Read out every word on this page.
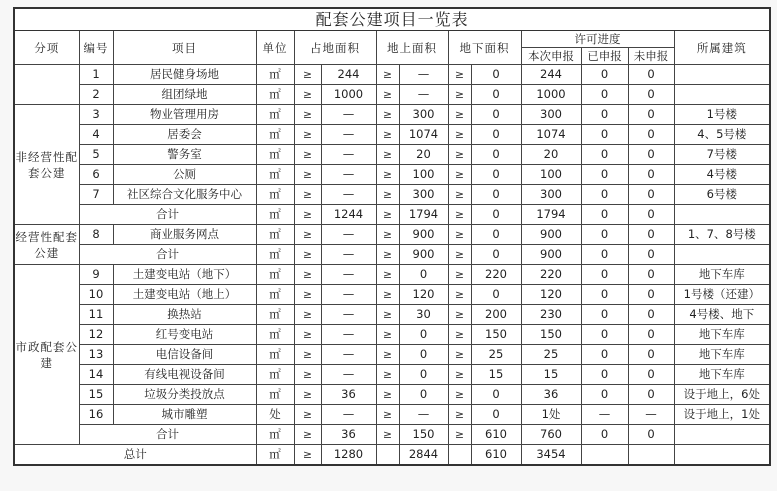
配套公建项目一览表													
分项	编号	项目	单位	占地面积		地上面积		地下面积		许可进度			所属建筑
										本次申报	已申报	未申报	
	1	居民健身场地	㎡	≥	244	≥	—	≥	0	244	0	0	
	2	组团绿地	㎡	≥	1000	≥	—	≥	0	1000	0	0	
非经营性配套公建	3	物业管理用房	㎡	≥	—	≥	300	≥	0	300	0	0	1号楼
	4	居委会	㎡	≥	—	≥	1074	≥	0	1074	0	0	4、5号楼
	5	警务室	㎡	≥	—	≥	20	≥	0	20	0	0	7号楼
	6	公厕	㎡	≥	—	≥	100	≥	0	100	0	0	4号楼
	7	社区综合文化服务中心	㎡	≥	—	≥	300	≥	0	300	0	0	6号楼
	合计		㎡	≥	1244	≥	1794	≥	0	1794	0	0	
经营性配套公建	8	商业服务网点	㎡	≥	—	≥	900	≥	0	900	0	0	1、7、8号楼
	合计		㎡	≥	—	≥	900	≥	0	900	0	0	
市政配套公建	9	土建变电站（地下）	㎡	≥	—	≥	0	≥	220	220	0	0	地下车库
	10	土建变电站（地上）	㎡	≥	—	≥	120	≥	0	120	0	0	1号楼（还建）
	11	换热站	㎡	≥	—	≥	30	≥	200	230	0	0	4号楼、地下
	12	红号变电站	㎡	≥	—	≥	0	≥	150	150	0	0	地下车库
	13	电信设备间	㎡	≥	—	≥	0	≥	25	25	0	0	地下车库
	14	有线电视设备间	㎡	≥	—	≥	0	≥	15	15	0	0	地下车库
	15	垃圾分类投放点	㎡	≥	36	≥	0	≥	0	36	0	0	设于地上，6处
	16	城市雕塑	处	≥	—	≥	—	≥	0	1处	—	—	设于地上，1处
	合计		㎡	≥	36	≥	150	≥	610	760	0	0	
总计			㎡	≥	1280		2844		610	3454			
